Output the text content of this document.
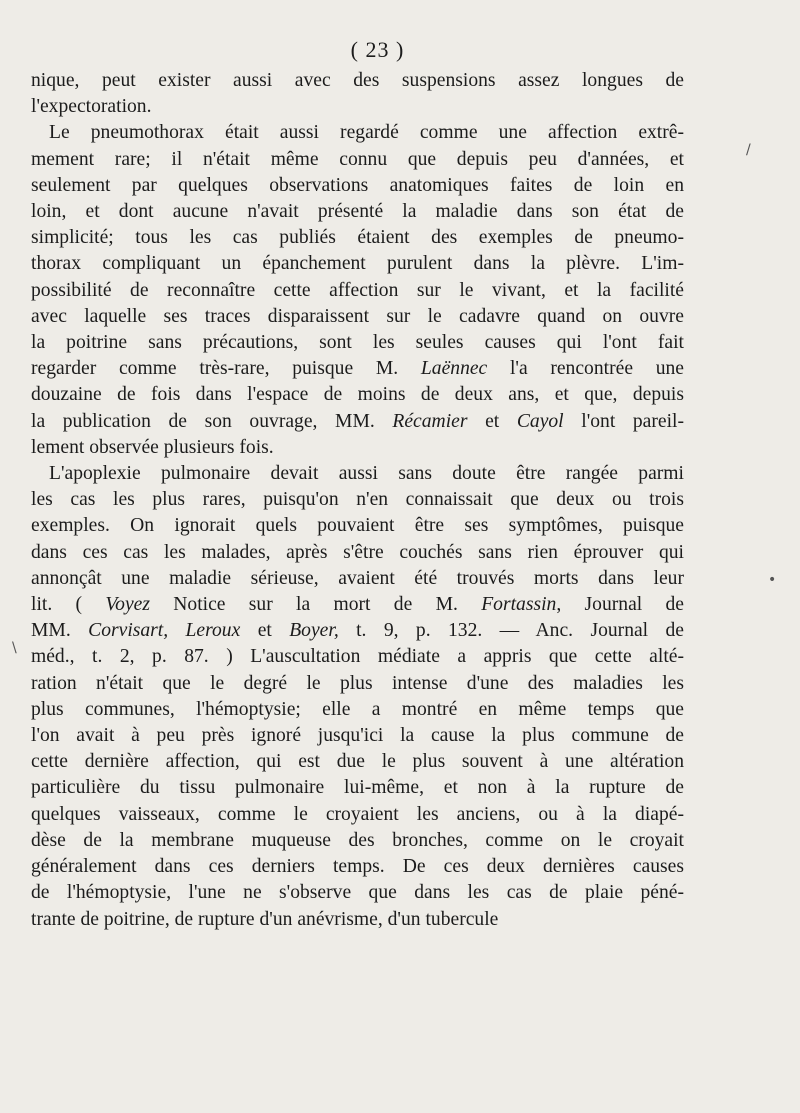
( 23 )
nique, peut exister aussi avec des suspensions assez longues de
l'expectoration.
Le pneumothorax était aussi regardé comme une affection extrê-
mement rare; il n'était même connu que depuis peu d'années, et
seulement par quelques observations anatomiques faites de loin en
loin, et dont aucune n'avait présenté la maladie dans son état de
simplicité; tous les cas publiés étaient des exemples de pneumo-
thorax compliquant un épanchement purulent dans la plèvre. L'im-
possibilité de reconnaître cette affection sur le vivant, et la facilité
avec laquelle ses traces disparaissent sur le cadavre quand on ouvre
la poitrine sans précautions, sont les seules causes qui l'ont fait
regarder comme très-rare, puisque M. Laënnec l'a rencontrée une
douzaine de fois dans l'espace de moins de deux ans, et que, depuis
la publication de son ouvrage, MM. Récamier et Cayol l'ont pareil-
lement observée plusieurs fois.
L'apoplexie pulmonaire devait aussi sans doute être rangée parmi
les cas les plus rares, puisqu'on n'en connaissait que deux ou trois
exemples. On ignorait quels pouvaient être ses symptômes, puisque
dans ces cas les malades, après s'être couchés sans rien éprouver qui
annonçât une maladie sérieuse, avaient été trouvés morts dans leur
lit. ( Voyez Notice sur la mort de M. Fortassin, Journal de
MM. Corvisart, Leroux et Boyer, t. 9, p. 132. — Anc. Journal de
méd., t. 2, p. 87. ) L'auscultation médiate a appris que cette alté-
ration n'était que le degré le plus intense d'une des maladies les
plus communes, l'hémoptysie; elle a montré en même temps que
l'on avait à peu près ignoré jusqu'ici la cause la plus commune de
cette dernière affection, qui est due le plus souvent à une altération
particulière du tissu pulmonaire lui-même, et non à la rupture de
quelques vaisseaux, comme le croyaient les anciens, ou à la diapé-
dèse de la membrane muqueuse des bronches, comme on le croyait
généralement dans ces derniers temps. De ces deux dernières causes
de l'hémoptysie, l'une ne s'observe que dans les cas de plaie péné-
trante de poitrine, de rupture d'un anévrisme, d'un tubercule
/
\
•
